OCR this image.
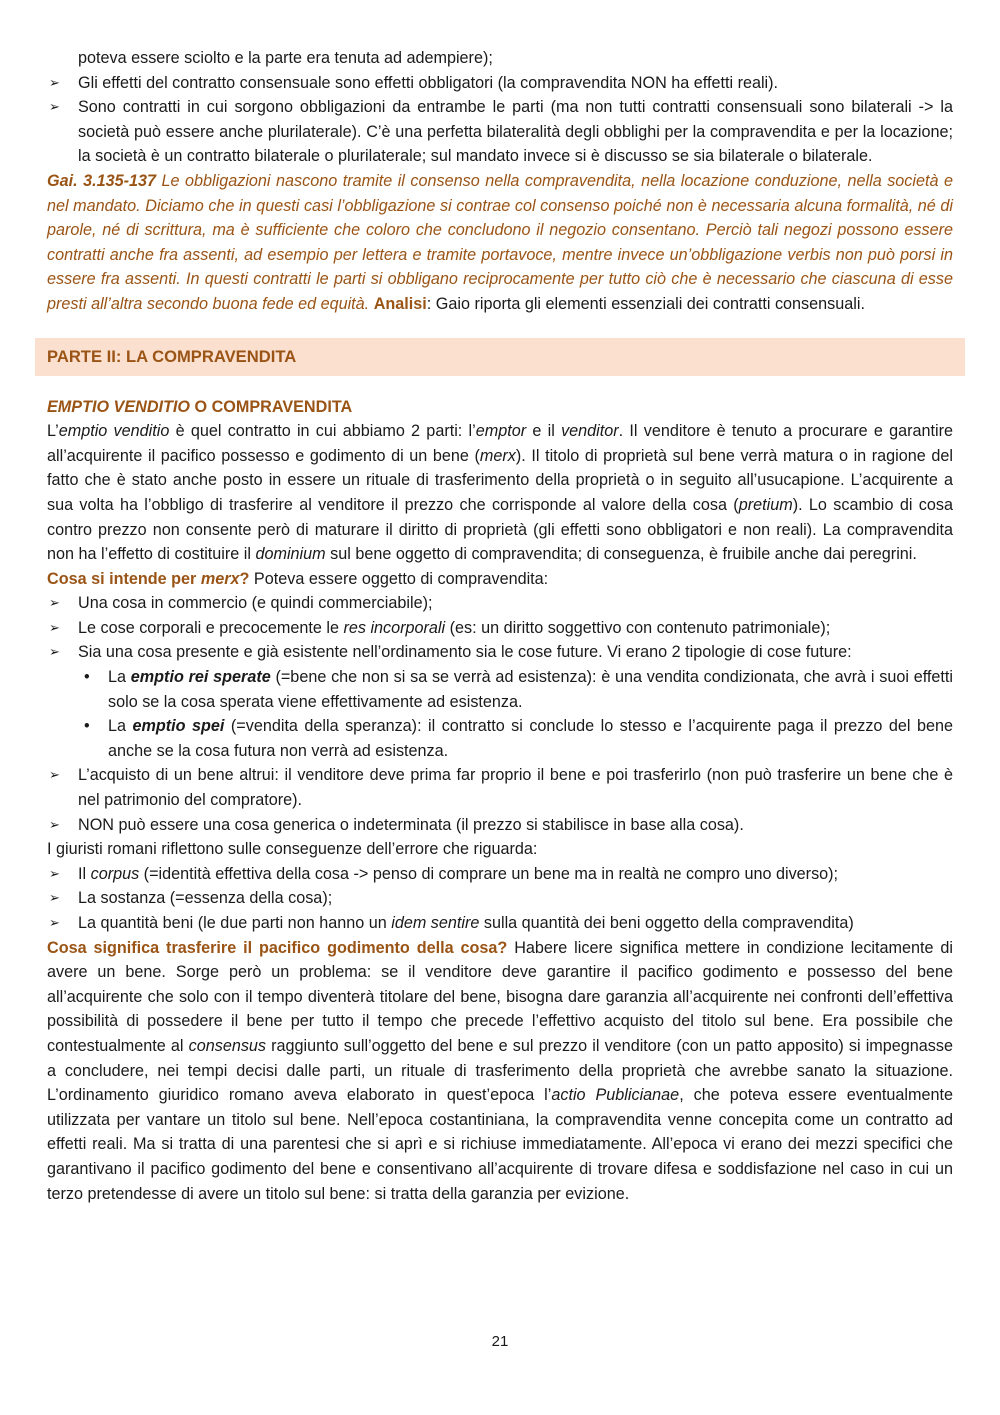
poteva essere sciolto e la parte era tenuta ad adempiere);

➢ Gli effetti del contratto consensuale sono effetti obbligatori (la compravendita NON ha effetti reali).
➢ Sono contratti in cui sorgono obbligazioni da entrambe le parti (ma non tutti contratti consensuali sono bilaterali -> la società può essere anche plurilaterale). C’è una perfetta bilateralità degli obblighi per la compravendita e per la locazione; la società è un contratto bilaterale o plurilaterale; sul mandato invece si è discusso se sia bilaterale o bilaterale.

Gai. 3.135-137 Le obbligazioni nascono tramite il consenso nella compravendita, nella locazione conduzione, nella società e nel mandato. Diciamo che in questi casi l’obbligazione si contrae col consenso poiché non è necessaria alcuna formalità, né di parole, né di scrittura, ma è sufficiente che coloro che concludono il negozio consentano. Perciò tali negozi possono essere contratti anche fra assenti, ad esempio per lettera e tramite portavoce, mentre invece un’obbligazione verbis non può porsi in essere fra assenti. In questi contratti le parti si obbligano reciprocamente per tutto ciò che è necessario che ciascuna di esse presti all’altra secondo buona fede ed equità. Analisi: Gaio riporta gli elementi essenziali dei contratti consensuali.

PARTE II: LA COMPRAVENDITA
EMPTIO VENDITIO O COMPRAVENDITA

L’emptio venditio è quel contratto in cui abbiamo 2 parti: l’emptor e il venditor. Il venditore è tenuto a procurare e garantire all’acquirente il pacifico possesso e godimento di un bene (merx). Il titolo di proprietà sul bene verrà matura o in ragione del fatto che è stato anche posto in essere un rituale di trasferimento della proprietà o in seguito all’usucapione. L’acquirente a sua volta ha l’obbligo di trasferire al venditore il prezzo che corrisponde al valore della cosa (pretium). Lo scambio di cosa contro prezzo non consente però di maturare il diritto di proprietà (gli effetti sono obbligatori e non reali). La compravendita non ha l’effetto di costituire il dominium sul bene oggetto di compravendita; di conseguenza, è fruibile anche dai peregrini.

Cosa si intende per merx? Poteva essere oggetto di compravendita:

➢ Una cosa in commercio (e quindi commerciabile);
➢ Le cose corporali e precocemente le res incorporali (es: un diritto soggettivo con contenuto patrimoniale);
➢ Sia una cosa presente e già esistente nell’ordinamento sia le cose future. Vi erano 2 tipologie di cose future:
• La emptio rei sperate (=bene che non si sa se verrà ad esistenza): è una vendita condizionata, che avrà i suoi effetti solo se la cosa sperata viene effettivamente ad esistenza.
• La emptio spei (=vendita della speranza): il contratto si conclude lo stesso e l’acquirente paga il prezzo del bene anche se la cosa futura non verrà ad esistenza.
➢ L’acquisto di un bene altrui: il venditore deve prima far proprio il bene e poi trasferirlo (non può trasferire un bene che è nel patrimonio del compratore).
➢ NON può essere una cosa generica o indeterminata (il prezzo si stabilisce in base alla cosa).

I giuristi romani riflettono sulle conseguenze dell’errore che riguarda:

➢ Il corpus (=identità effettiva della cosa -> penso di comprare un bene ma in realtà ne compro uno diverso);
➢ La sostanza (=essenza della cosa);
➢ La quantità beni (le due parti non hanno un idem sentire sulla quantità dei beni oggetto della compravendita)

Cosa significa trasferire il pacifico godimento della cosa? Habere licere significa mettere in condizione lecitamente di avere un bene. Sorge però un problema: se il venditore deve garantire il pacifico godimento e possesso del bene all’acquirente che solo con il tempo diventerà titolare del bene, bisogna dare garanzia all’acquirente nei confronti dell’effettiva possibilità di possedere il bene per tutto il tempo che precede l’effettivo acquisto del titolo sul bene. Era possibile che contestualmente al consensus raggiunto sull’oggetto del bene e sul prezzo il venditore (con un patto apposito) si impegnasse a concludere, nei tempi decisi dalle parti, un rituale di trasferimento della proprietà che avrebbe sanato la situazione. L’ordinamento giuridico romano aveva elaborato in quest’epoca l’actio Publicianae, che poteva essere eventualmente utilizzata per vantare un titolo sul bene. Nell’epoca costantiniana, la compravendita venne concepita come un contratto ad effetti reali. Ma si tratta di una parentesi che si aprì e si richiuse immediatamente. All’epoca vi erano dei mezzi specifici che garantivano il pacifico godimento del bene e consentivano all’acquirente di trovare difesa e soddisfazione nel caso in cui un terzo pretendesse di avere un titolo sul bene: si tratta della garanzia per evizione.

21
